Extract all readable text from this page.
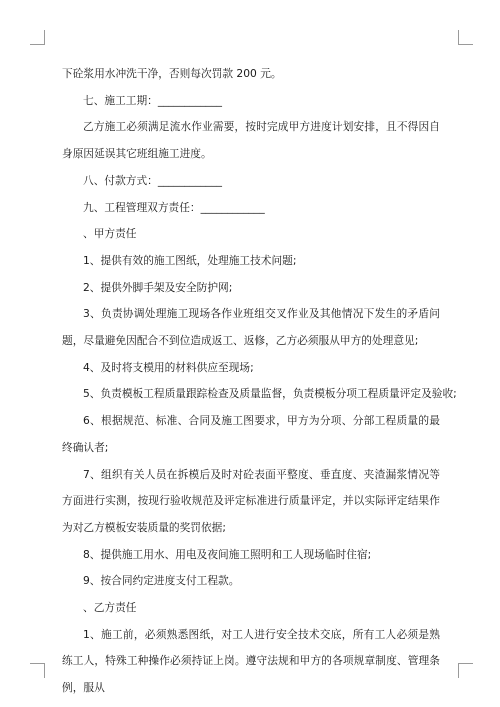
下砼浆用水冲洗干净，否则每次罚款 200 元。

七、施工工期：____________

乙方施工必须满足流水作业需要，按时完成甲方进度计划安排，且不得因自身原因延误其它班组施工进度。

八、付款方式：____________

九、工程管理双方责任：____________

、甲方责任

1、提供有效的施工图纸，处理施工技术问题;

2、提供外脚手架及安全防护网;

3、负责协调处理施工现场各作业班组交叉作业及其他情况下发生的矛盾问题，尽量避免因配合不到位造成返工、返修，乙方必须服从甲方的处理意见;

4、及时将支模用的材料供应至现场;

5、负责模板工程质量跟踪检查及质量监督，负责模板分项工程质量评定及验收;

6、根据规范、标准、合同及施工图要求，甲方为分项、分部工程质量的最终确认者;

7、组织有关人员在拆模后及时对砼表面平整度、垂直度、夹渣漏浆情况等方面进行实测，按现行验收规范及评定标准进行质量评定，并以实际评定结果作为对乙方模板安装质量的奖罚依据;

8、提供施工用水、用电及夜间施工照明和工人现场临时住宿;

9、按合同约定进度支付工程款。

、乙方责任

1、施工前，必须熟悉图纸，对工人进行安全技术交底，所有工人必须是熟练工人，特殊工种操作必须持证上岗。遵守法规和甲方的各项规章制度、管理条例，服从
